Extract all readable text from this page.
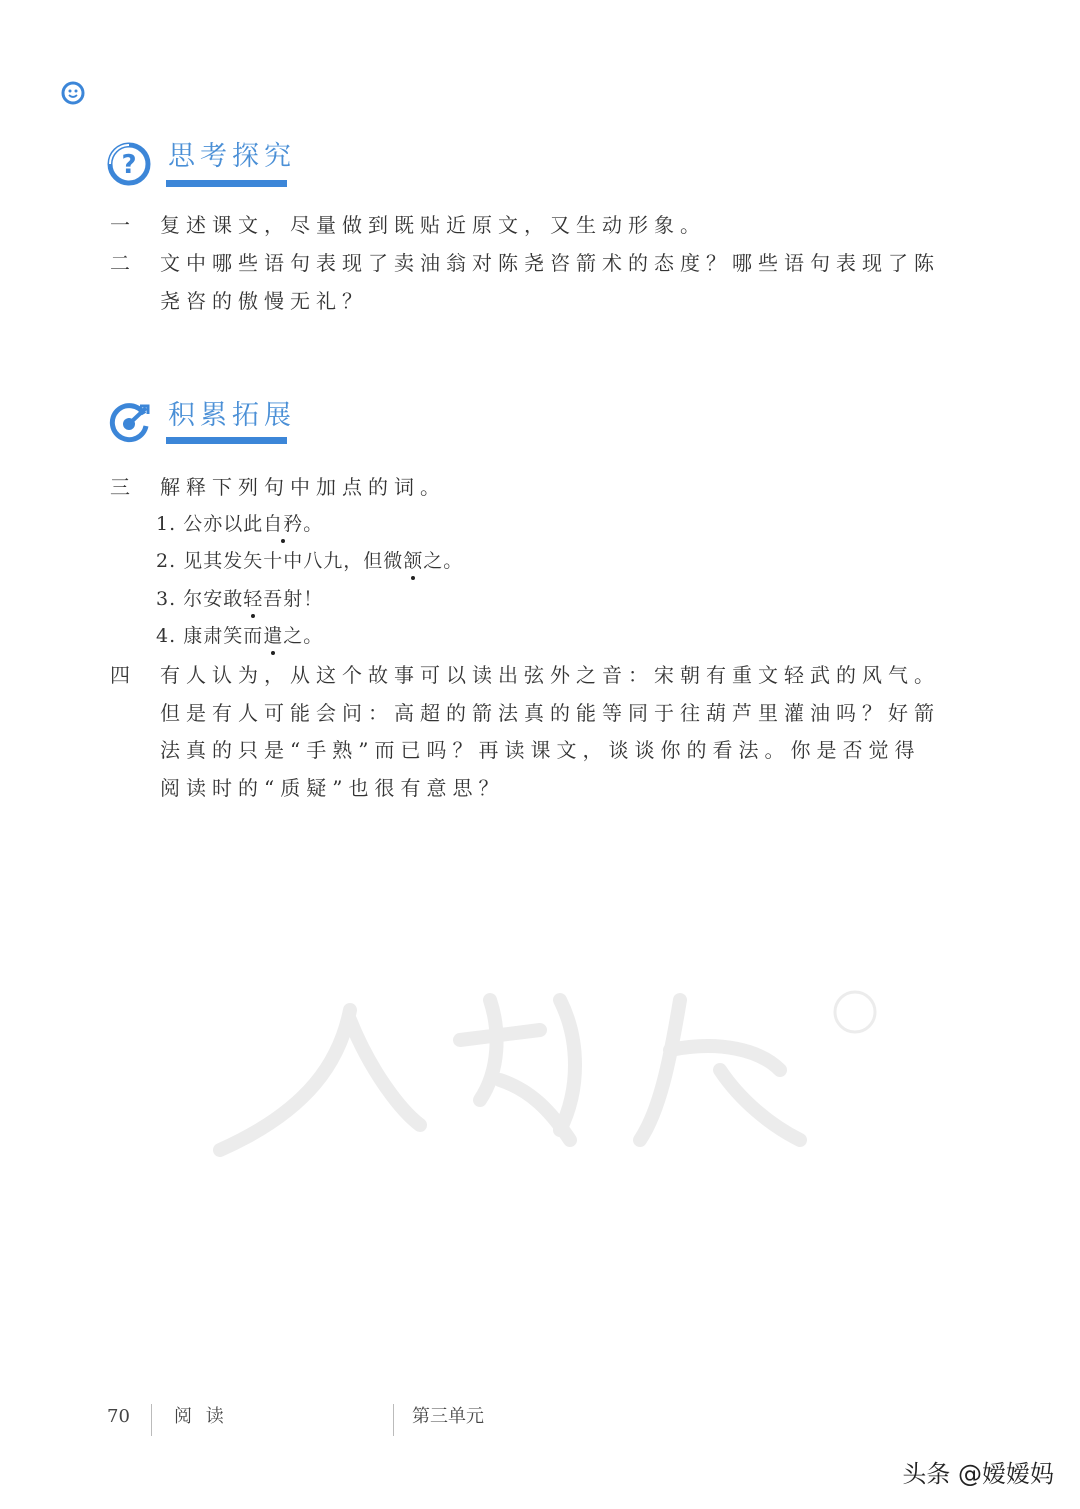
? 思考探究
一 复述课文，尽量做到既贴近原文，又生动形象。
二 文中哪些语句表现了卖油翁对陈尧咨箭术的态度？哪些语句表现了陈
尧咨的傲慢无礼？
积累拓展
三 解释下列句中加点的词。
1. 公亦以此自矜。
2. 见其发矢十中八九，但微颔之。
3. 尔安敢轻吾射！
4. 康肃笑而遣之。
四 有人认为，从这个故事可以读出弦外之音：宋朝有重文轻武的风气。
但是有人可能会问：高超的箭法真的能等同于往葫芦里灌油吗？好箭
法真的只是“手熟”而已吗？再读课文，谈谈你的看法。你是否觉得
阅读时的“质疑”也很有意思？
70 阅 读	第三单元
头条 @嫒嫒妈
